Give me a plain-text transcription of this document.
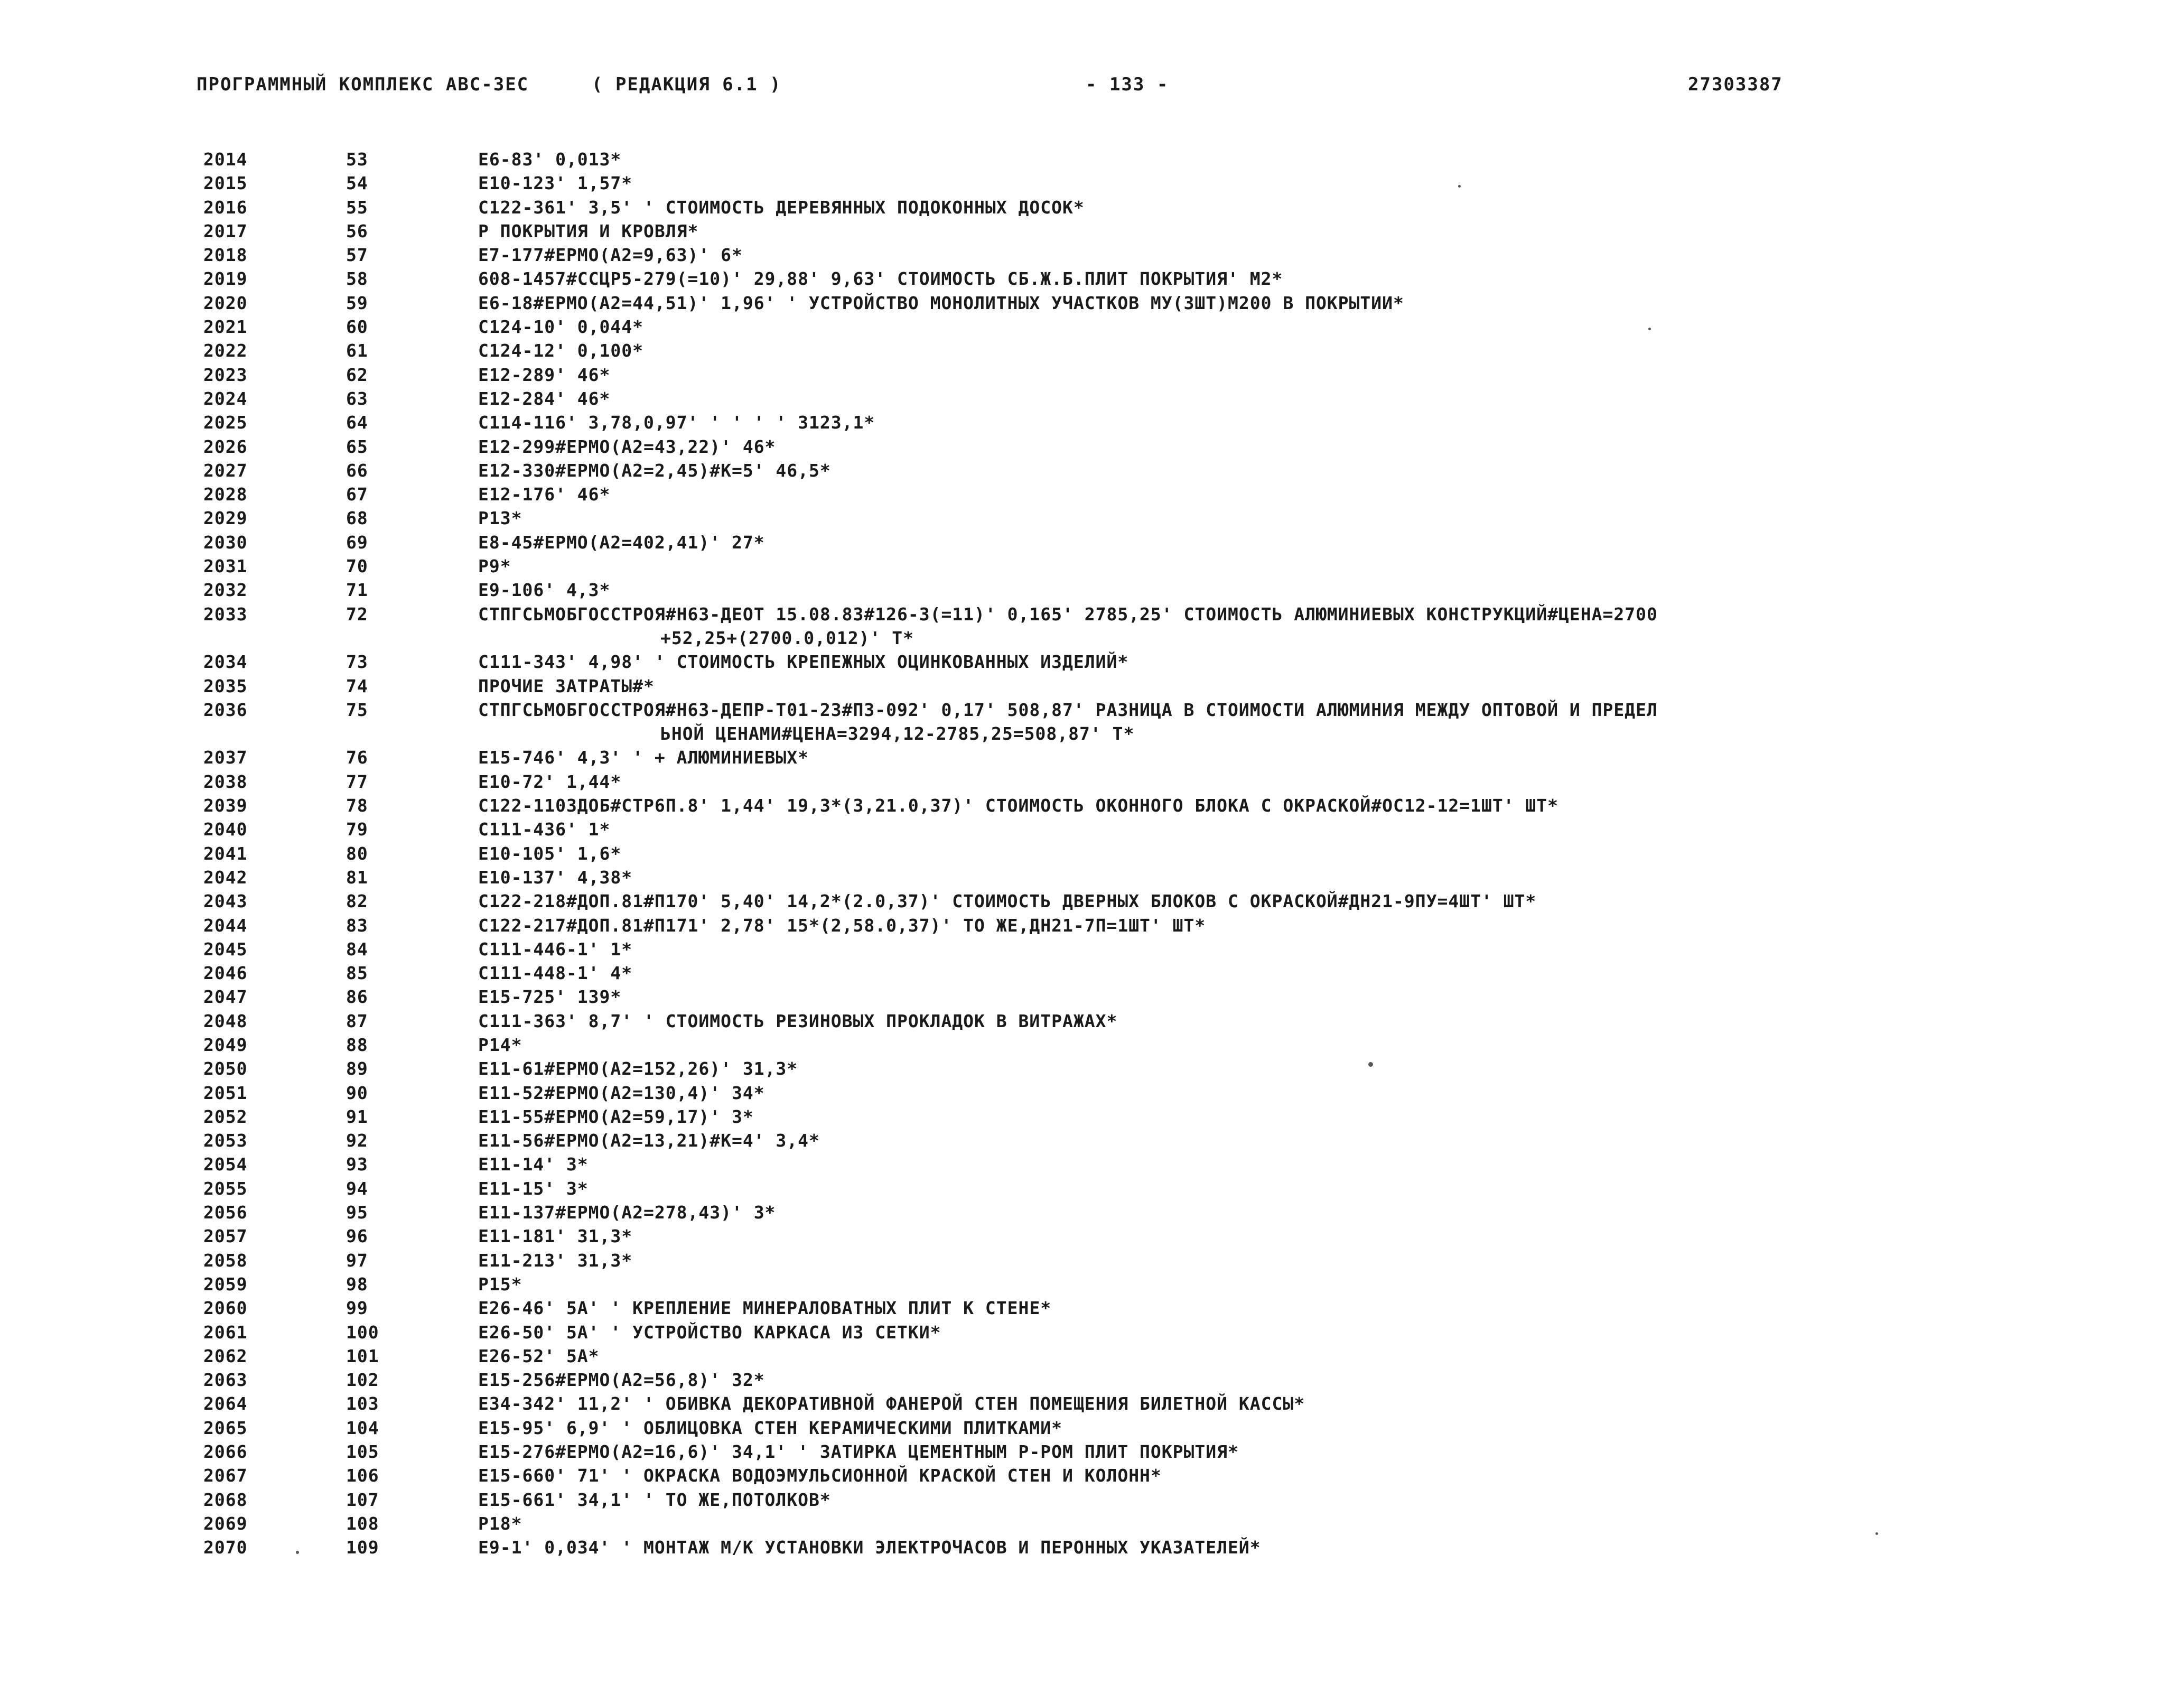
ПРОГРАММНЫЙ КОМПЛЕКС АВС-3ЕС	( РЕДАКЦИЯ 6.1 )	- 133 -	27303387
2014	53	Е6-83' 0,013*
2015	54	Е10-123' 1,57*
2016	55	С122-361' 3,5' ' СТОИМОСТЬ ДЕРЕВЯННЫХ ПОДОКОННЫХ ДОСОК*
2017	56	Р ПОКРЫТИЯ И КРОВЛЯ*
2018	57	Е7-177#ЕРМО(А2=9,63)' 6*
2019	58	608-1457#ССЦР5-279(=10)' 29,88' 9,63' СТОИМОСТЬ СБ.Ж.Б.ПЛИТ ПОКРЫТИЯ' М2*
2020	59	Е6-18#ЕРМО(А2=44,51)' 1,96' ' УСТРОЙСТВО МОНОЛИТНЫХ УЧАСТКОВ МУ(3ШТ)М200 В ПОКРЫТИИ*
2021	60	С124-10' 0,044*
2022	61	С124-12' 0,100*
2023	62	Е12-289' 46*
2024	63	Е12-284' 46*
2025	64	С114-116' 3,78,0,97' ' ' ' ' 3123,1*
2026	65	Е12-299#ЕРМО(А2=43,22)' 46*
2027	66	Е12-330#ЕРМО(А2=2,45)#К=5' 46,5*
2028	67	Е12-176' 46*
2029	68	Р13*
2030	69	Е8-45#ЕРМО(А2=402,41)' 27*
2031	70	Р9*
2032	71	Е9-106' 4,3*
2033	72	СТПГСЬМОБГОССТРОЯ#Н63-ДЕОТ 15.08.83#126-3(=11)' 0,165' 2785,25' СТОИМОСТЬ АЛЮМИНИЕВЫХ КОНСТРУКЦИЙ#ЦЕНА=2700
+52,25+(2700.0,012)' Т*
2034	73	С111-343' 4,98' ' СТОИМОСТЬ КРЕПЕЖНЫХ ОЦИНКОВАННЫХ ИЗДЕЛИЙ*
2035	74	ПРОЧИЕ ЗАТРАТЫ#*
2036	75	СТПГСЬМОБГОССТРОЯ#Н63-ДЕПР-Т01-23#П3-092' 0,17' 508,87' РАЗНИЦА В СТОИМОСТИ АЛЮМИНИЯ МЕЖДУ ОПТОВОЙ И ПРЕДЕЛ
ЬНОЙ ЦЕНАМИ#ЦЕНА=3294,12-2785,25=508,87' Т*
2037	76	Е15-746' 4,3' ' + АЛЮМИНИЕВЫХ*
2038	77	Е10-72' 1,44*
2039	78	С122-1103ДОБ#СТР6П.8' 1,44' 19,3*(3,21.0,37)' СТОИМОСТЬ ОКОННОГО БЛОКА С ОКРАСКОЙ#ОС12-12=1ШТ' ШТ*
2040	79	С111-436' 1*
2041	80	Е10-105' 1,6*
2042	81	Е10-137' 4,38*
2043	82	С122-218#ДОП.81#П170' 5,40' 14,2*(2.0,37)' СТОИМОСТЬ ДВЕРНЫХ БЛОКОВ С ОКРАСКОЙ#ДН21-9ПУ=4ШТ' ШТ*
2044	83	С122-217#ДОП.81#П171' 2,78' 15*(2,58.0,37)' ТО ЖЕ,ДН21-7П=1ШТ' ШТ*
2045	84	С111-446-1' 1*
2046	85	С111-448-1' 4*
2047	86	Е15-725' 139*
2048	87	С111-363' 8,7' ' СТОИМОСТЬ РЕЗИНОВЫХ ПРОКЛАДОК В ВИТРАЖАХ*
2049	88	Р14*
2050	89	Е11-61#ЕРМО(А2=152,26)' 31,3*
2051	90	Е11-52#ЕРМО(А2=130,4)' 34*
2052	91	Е11-55#ЕРМО(А2=59,17)' 3*
2053	92	Е11-56#ЕРМО(А2=13,21)#К=4' 3,4*
2054	93	Е11-14' 3*
2055	94	Е11-15' 3*
2056	95	Е11-137#ЕРМО(А2=278,43)' 3*
2057	96	Е11-181' 31,3*
2058	97	Е11-213' 31,3*
2059	98	Р15*
2060	99	Е26-46' 5А' ' КРЕПЛЕНИЕ МИНЕРАЛОВАТНЫХ ПЛИТ К СТЕНЕ*
2061	100	Е26-50' 5А' ' УСТРОЙСТВО КАРКАСА ИЗ СЕТКИ*
2062	101	Е26-52' 5А*
2063	102	Е15-256#ЕРМО(А2=56,8)' 32*
2064	103	Е34-342' 11,2' ' ОБИВКА ДЕКОРАТИВНОЙ ФАНЕРОЙ СТЕН ПОМЕЩЕНИЯ БИЛЕТНОЙ КАССЫ*
2065	104	Е15-95' 6,9' ' ОБЛИЦОВКА СТЕН КЕРАМИЧЕСКИМИ ПЛИТКАМИ*
2066	105	Е15-276#ЕРМО(А2=16,6)' 34,1' ' ЗАТИРКА ЦЕМЕНТНЫМ Р-РОМ ПЛИТ ПОКРЫТИЯ*
2067	106	Е15-660' 71' ' ОКРАСКА ВОДОЭМУЛЬСИОННОЙ КРАСКОЙ СТЕН И КОЛОНН*
2068	107	Е15-661' 34,1' ' ТО ЖЕ,ПОТОЛКОВ*
2069	108	Р18*
2070	109	Е9-1' 0,034' ' МОНТАЖ М/К УСТАНОВКИ ЭЛЕКТРОЧАСОВ И ПЕРОННЫХ УКАЗАТЕЛЕЙ*
